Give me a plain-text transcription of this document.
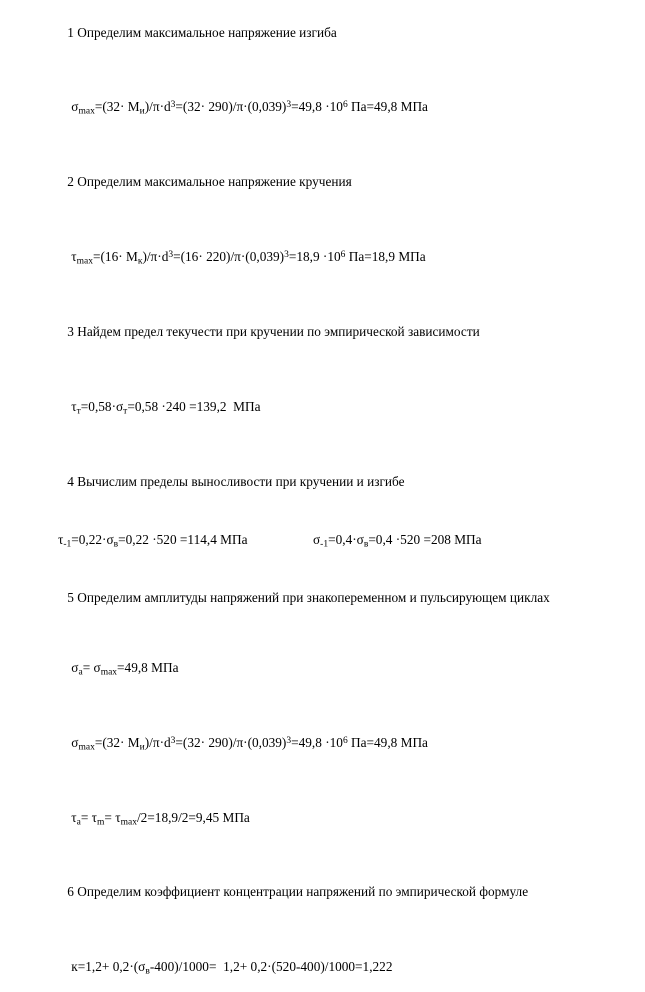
1 Определим максимальное напряжение изгиба

$\sigma_{max}=(32\cdot M_и)/\pi\cdot d^3=(32\cdot 290)/\pi\cdot(0,039)^3=49,8 \cdot 10^6$ Па=49,8 МПа

2 Определим максимальное напряжение кручения

$\tau_{max}=(16\cdot M_к)/\pi\cdot d^3=(16\cdot 220)/\pi\cdot(0,039)^3=18,9 \cdot 10^6$ Па=18,9 МПа

3 Найдем предел текучести при кручении по эмпирической зависимости

$\tau_т=0,58\cdot\sigma_т=0,58 \cdot 240 =139,2$  МПа

4 Вычислим пределы выносливости при кручении и изгибе

$\tau_{-1}=0,22\cdot\sigma_в=0,22 \cdot 520 =114,4$ МПа	$\sigma_{-1}=0,4\cdot\sigma_в=0,4 \cdot 520 =208$ МПа

5 Определим амплитуды напряжений при знакопеременном и пульсирующем циклах

$\sigma_a= \sigma_{max}=49,8$ МПа

$\sigma_{max}=(32\cdot M_и)/\pi\cdot d^3=(32\cdot 290)/\pi\cdot(0,039)^3=49,8 \cdot 10^6$ Па=49,8 МПа

$\tau_a= \tau_m= \tau_{max}/2=18,9/2=9,45$ МПа

6 Определим коэффициент концентрации напряжений по эмпирической формуле

$к=1,2+ 0,2\cdot(\sigma_в-400)/1000= 1,2+ 0,2\cdot(520-400)/1000=1,222$
